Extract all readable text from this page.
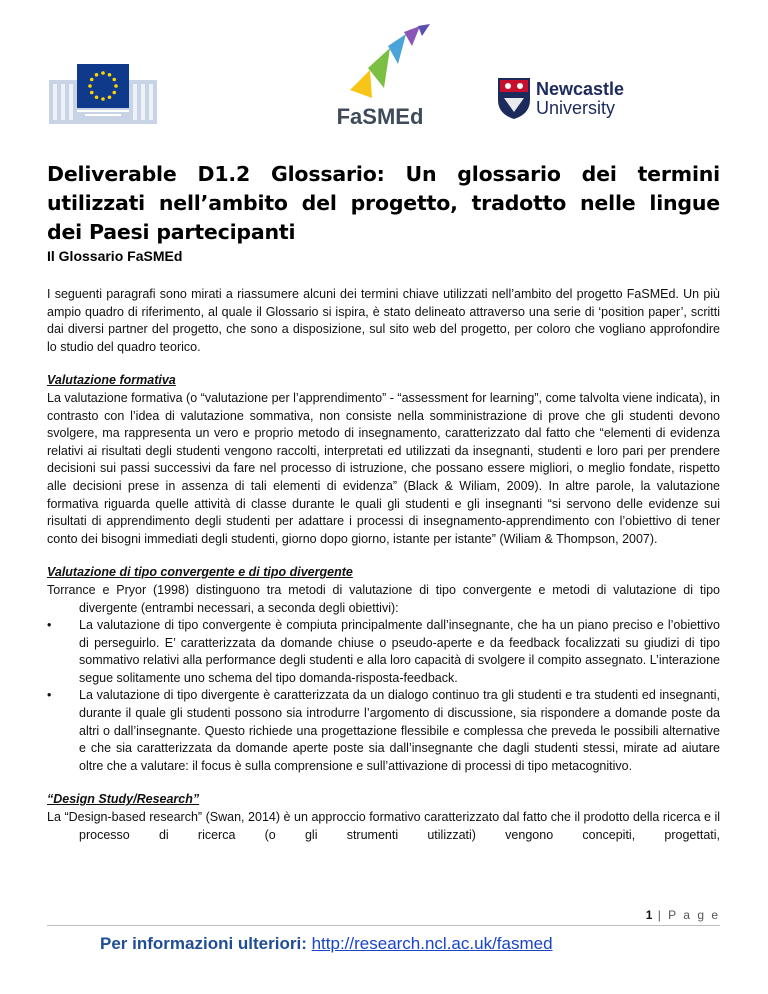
FaSMEd
Newcastle
University
Deliverable D1.2 Glossario: Un glossario dei termini utilizzati nell’ambito del progetto, tradotto nelle lingue dei Paesi partecipanti
Il Glossario FaSMEd

I seguenti paragrafi sono mirati a riassumere alcuni dei termini chiave utilizzati nell’ambito del progetto FaSMEd. Un più ampio quadro di riferimento, al quale il Glossario si ispira, è stato delineato attraverso una serie di ‘position paper’, scritti dai diversi partner del progetto, che sono a disposizione, sul sito web del progetto, per coloro che vogliano approfondire lo studio del quadro teorico.

Valutazione formativa
La valutazione formativa (o “valutazione per l’apprendimento” - “assessment for learning”, come talvolta viene indicata), in contrasto con l’idea di valutazione sommativa, non consiste nella somministrazione di prove che gli studenti devono svolgere, ma rappresenta un vero e proprio metodo di insegnamento, caratterizzato dal fatto che “elementi di evidenza relativi ai risultati degli studenti vengono raccolti, interpretati ed utilizzati da insegnanti, studenti e loro pari per prendere decisioni sui passi successivi da fare nel processo di istruzione, che possano essere migliori, o meglio fondate, rispetto alle decisioni prese in assenza di tali elementi di evidenza” (Black & Wiliam, 2009). In altre parole, la valutazione formativa riguarda quelle attività di classe durante le quali gli studenti e gli insegnanti “si servono delle evidenze sui risultati di apprendimento degli studenti per adattare i processi di insegnamento-apprendimento con l’obiettivo di tener conto dei bisogni immediati degli studenti, giorno dopo giorno, istante per istante” (Wiliam & Thompson, 2007).

Valutazione di tipo convergente e di tipo divergente
Torrance e Pryor (1998) distinguono tra metodi di valutazione di tipo convergente e metodi di valutazione di tipo divergente (entrambi necessari, a seconda degli obiettivi):
•	La valutazione di tipo convergente è compiuta principalmente dall’insegnante, che ha un piano preciso e l’obiettivo di perseguirlo. E’ caratterizzata da domande chiuse o pseudo-aperte e da feedback focalizzati su giudizi di tipo sommativo relativi alla performance degli studenti e alla loro capacità di svolgere il compito assegnato. L’interazione segue solitamente uno schema del tipo domanda-risposta-feedback.
•	La valutazione di tipo divergente è caratterizzata da un dialogo continuo tra gli studenti e tra studenti ed insegnanti, durante il quale gli studenti possono sia introdurre l’argomento di discussione, sia rispondere a domande poste da altri o dall’insegnante. Questo richiede una progettazione flessibile e complessa che preveda le possibili alternative e che sia caratterizzata da domande aperte poste sia dall’insegnante che dagli studenti stessi, mirate ad aiutare oltre che a valutare: il focus è sulla comprensione e sull’attivazione di processi di tipo metacognitivo.
“Design Study/Research”
La “Design-based research” (Swan, 2014) è un approccio formativo caratterizzato dal fatto che il prodotto della ricerca e il processo di ricerca (o gli strumenti utilizzati) vengono concepiti, progettati,
1 | P a g e
Per informazioni ulteriori: http://research.ncl.ac.uk/fasmed
